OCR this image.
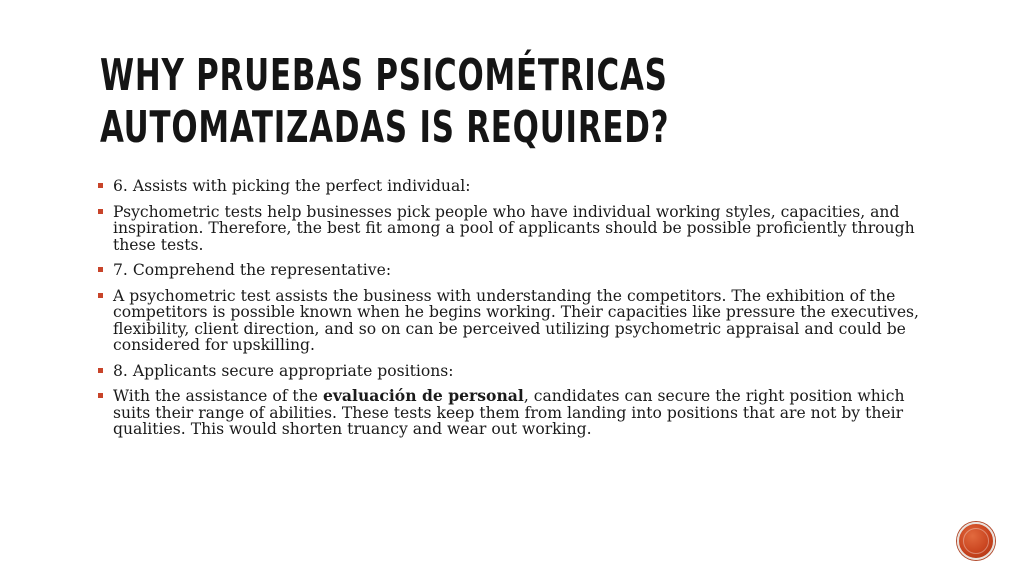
WHY PRUEBAS PSICOMÉTRICAS
AUTOMATIZADAS IS REQUIRED?
6. Assists with picking the perfect individual:
Psychometric tests help businesses pick people who have individual working styles, capacities, and inspiration. Therefore, the best fit among a pool of applicants should be possible proficiently through these tests.
7. Comprehend the representative:
A psychometric test assists the business with understanding the competitors. The exhibition of the competitors is possible known when he begins working. Their capacities like pressure the executives, flexibility, client direction, and so on can be perceived utilizing psychometric appraisal and could be considered for upskilling.
8. Applicants secure appropriate positions:
With the assistance of the evaluación de personal, candidates can secure the right position which suits their range of abilities. These tests keep them from landing into positions that are not by their qualities. This would shorten truancy and wear out working.
